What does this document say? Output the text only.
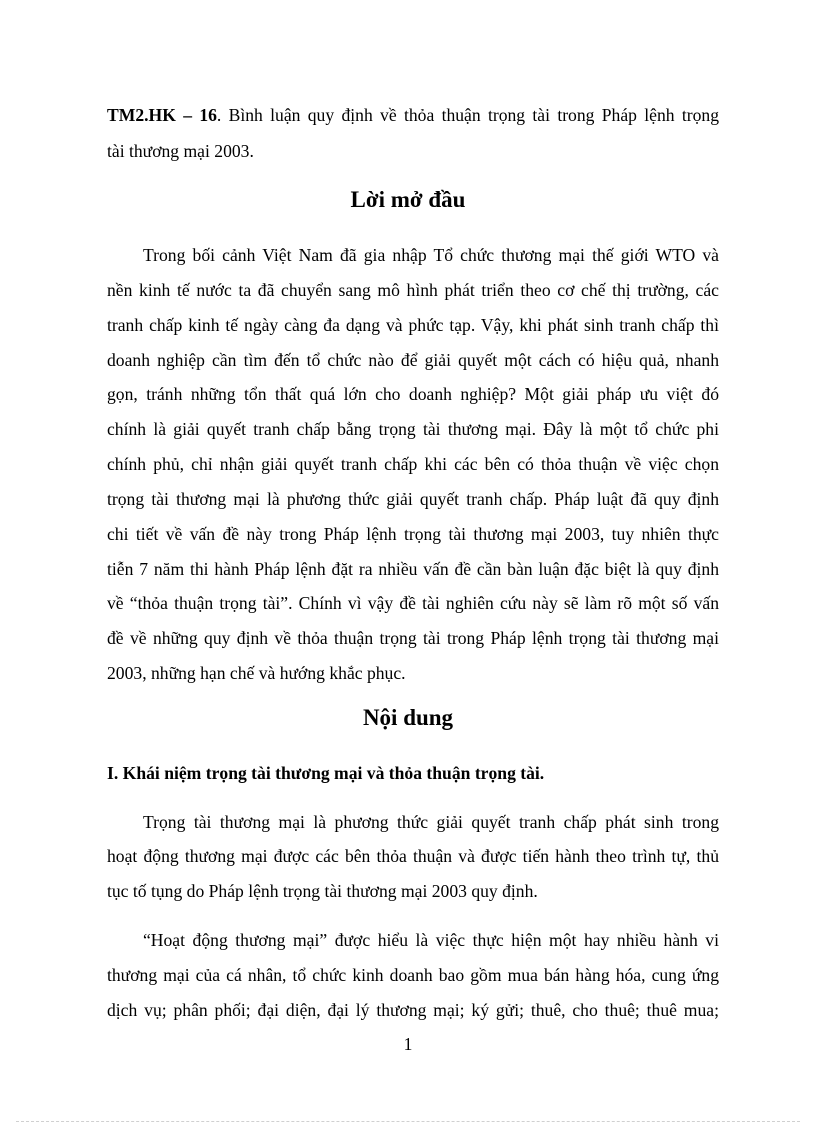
TM2.HK – 16. Bình luận quy định về thỏa thuận trọng tài trong Pháp lệnh trọng
tài thương mại 2003.
Lời mở đầu
Trong bối cảnh Việt Nam đã gia nhập Tổ chức thương mại thế giới WTO và
nền kinh tế nước ta đã chuyển sang mô hình phát triển theo cơ chế thị trường, các
tranh chấp kinh tế ngày càng đa dạng và phức tạp. Vậy, khi phát sinh tranh chấp thì
doanh nghiệp cần tìm đến tổ chức nào để giải quyết một cách có hiệu quả, nhanh
gọn, tránh những tổn thất quá lớn cho doanh nghiệp? Một giải pháp ưu việt đó
chính là giải quyết tranh chấp bằng trọng tài thương mại. Đây là một tổ chức phi
chính phủ, chỉ nhận giải quyết tranh chấp khi các bên có thỏa thuận về việc chọn
trọng tài thương mại là phương thức giải quyết tranh chấp. Pháp luật đã quy định
chi tiết về vấn đề này trong Pháp lệnh trọng tài thương mại 2003, tuy nhiên thực
tiễn 7 năm thi hành Pháp lệnh đặt ra nhiều vấn đề cần bàn luận đặc biệt là quy định
về “thỏa thuận trọng tài”. Chính vì vậy đề tài nghiên cứu này sẽ làm rõ một số vấn
đề về những quy định về thỏa thuận trọng tài trong Pháp lệnh trọng tài thương mại
2003, những hạn chế và hướng khắc phục.
Nội dung
I. Khái niệm trọng tài thương mại và thỏa thuận trọng tài.
Trọng tài thương mại là phương thức giải quyết tranh chấp phát sinh trong
hoạt động thương mại được các bên thỏa thuận và được tiến hành theo trình tự, thủ
tục tố tụng do Pháp lệnh trọng tài thương mại 2003 quy định.
“Hoạt động thương mại” được hiểu là việc thực hiện một hay nhiều hành vi
thương mại của cá nhân, tổ chức kinh doanh bao gồm mua bán hàng hóa, cung ứng
dịch vụ; phân phối; đại diện, đại lý thương mại; ký gửi; thuê, cho thuê; thuê mua;
1
